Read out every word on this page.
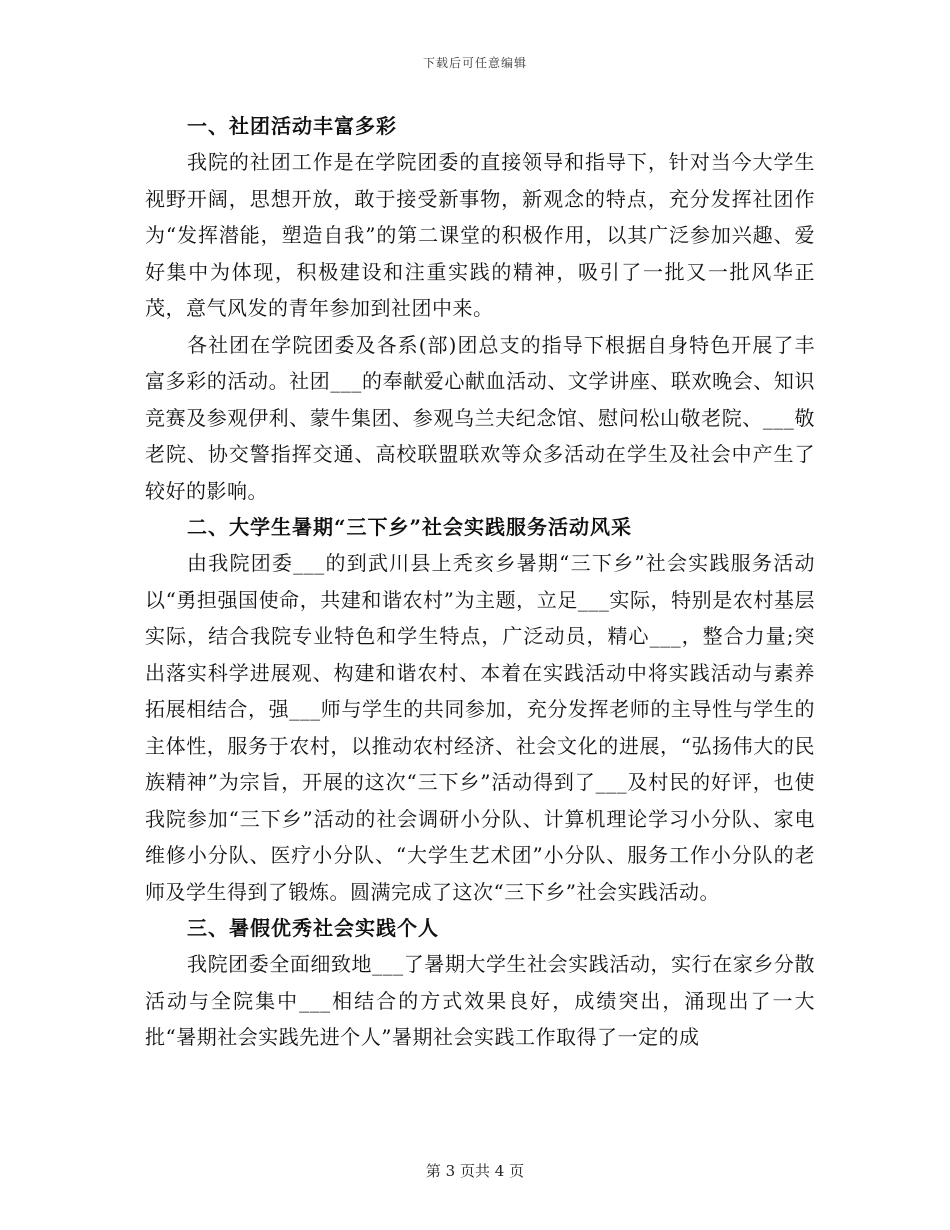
下载后可任意编辑
一、社团活动丰富多彩

我院的社团工作是在学院团委的直接领导和指导下，针对当今大学生视野开阔，思想开放，敢于接受新事物，新观念的特点，充分发挥社团作为“发挥潜能，塑造自我”的第二课堂的积极作用，以其广泛参加兴趣、爱好集中为体现，积极建设和注重实践的精神，吸引了一批又一批风华正茂，意气风发的青年参加到社团中来。

各社团在学院团委及各系(部)团总支的指导下根据自身特色开展了丰富多彩的活动。社团___的奉献爱心献血活动、文学讲座、联欢晚会、知识竞赛及参观伊利、蒙牛集团、参观乌兰夫纪念馆、慰问松山敬老院、___敬老院、协交警指挥交通、高校联盟联欢等众多活动在学生及社会中产生了较好的影响。

二、大学生暑期“三下乡”社会实践服务活动风采

由我院团委___的到武川县上秃亥乡暑期“三下乡”社会实践服务活动以“勇担强国使命，共建和谐农村”为主题，立足___实际，特别是农村基层实际，结合我院专业特色和学生特点，广泛动员，精心___，整合力量;突出落实科学进展观、构建和谐农村、本着在实践活动中将实践活动与素养拓展相结合，强___师与学生的共同参加，充分发挥老师的主导性与学生的主体性，服务于农村，以推动农村经济、社会文化的进展，“弘扬伟大的民族精神”为宗旨，开展的这次“三下乡”活动得到了___及村民的好评，也使我院参加“三下乡”活动的社会调研小分队、计算机理论学习小分队、家电维修小分队、医疗小分队、“大学生艺术团”小分队、服务工作小分队的老师及学生得到了锻炼。圆满完成了这次“三下乡”社会实践活动。

三、暑假优秀社会实践个人

我院团委全面细致地___了暑期大学生社会实践活动，实行在家乡分散活动与全院集中___相结合的方式效果良好，成绩突出，涌现出了一大批“暑期社会实践先进个人”暑期社会实践工作取得了一定的成

第 3 页共 4 页
